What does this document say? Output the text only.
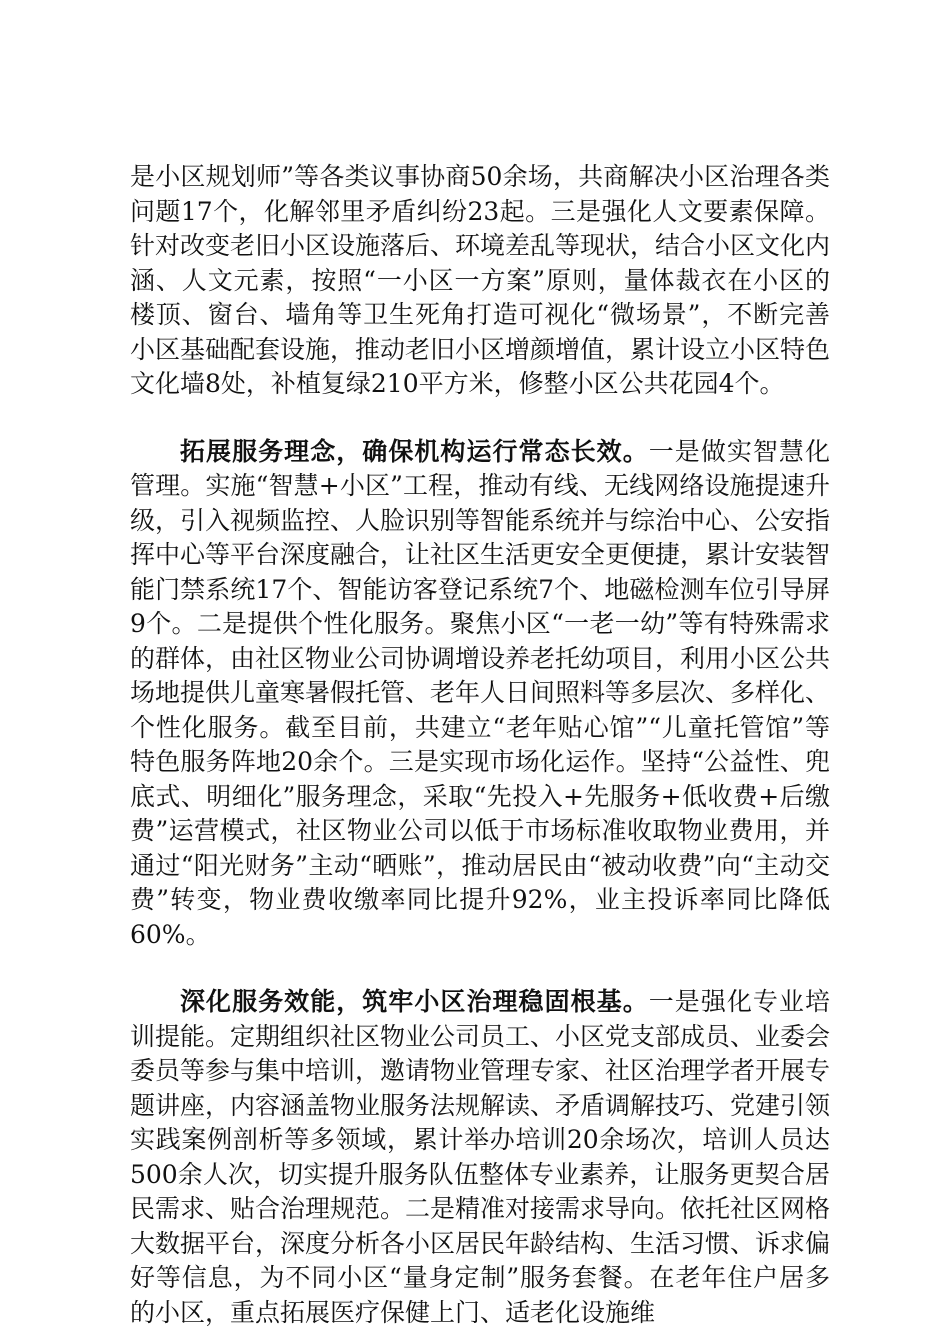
是小区规划师”等各类议事协商50余场，共商解决小区治理各类问题17个，化解邻里矛盾纠纷23起。三是强化人文要素保障。针对改变老旧小区设施落后、环境差乱等现状，结合小区文化内涵、人文元素，按照“一小区一方案”原则，量体裁衣在小区的楼顶、窗台、墙角等卫生死角打造可视化“微场景”，不断完善小区基础配套设施，推动老旧小区增颜增值，累计设立小区特色文化墙8处，补植复绿210平方米，修整小区公共花园4个。

拓展服务理念，确保机构运行常态长效。一是做实智慧化管理。实施“智慧+小区”工程，推动有线、无线网络设施提速升级，引入视频监控、人脸识别等智能系统并与综治中心、公安指挥中心等平台深度融合，让社区生活更安全更便捷，累计安装智能门禁系统17个、智能访客登记系统7个、地磁检测车位引导屏9个。二是提供个性化服务。聚焦小区“一老一幼”等有特殊需求的群体，由社区物业公司协调增设养老托幼项目，利用小区公共场地提供儿童寒暑假托管、老年人日间照料等多层次、多样化、个性化服务。截至目前，共建立“老年贴心馆”“儿童托管馆”等特色服务阵地20余个。三是实现市场化运作。坚持“公益性、兜底式、明细化”服务理念，采取“先投入+先服务+低收费+后缴费”运营模式，社区物业公司以低于市场标准收取物业费用，并通过“阳光财务”主动“晒账”，推动居民由“被动收费”向“主动交费”转变，物业费收缴率同比提升92%，业主投诉率同比降低60%。

深化服务效能，筑牢小区治理稳固根基。一是强化专业培训提能。定期组织社区物业公司员工、小区党支部成员、业委会委员等参与集中培训，邀请物业管理专家、社区治理学者开展专题讲座，内容涵盖物业服务法规解读、矛盾调解技巧、党建引领实践案例剖析等多领域，累计举办培训20余场次，培训人员达500余人次，切实提升服务队伍整体专业素养，让服务更契合居民需求、贴合治理规范。二是精准对接需求导向。依托社区网格大数据平台，深度分析各小区居民年龄结构、生活习惯、诉求偏好等信息，为不同小区“量身定制”服务套餐。在老年住户居多的小区，重点拓展医疗保健上门、适老化设施维
